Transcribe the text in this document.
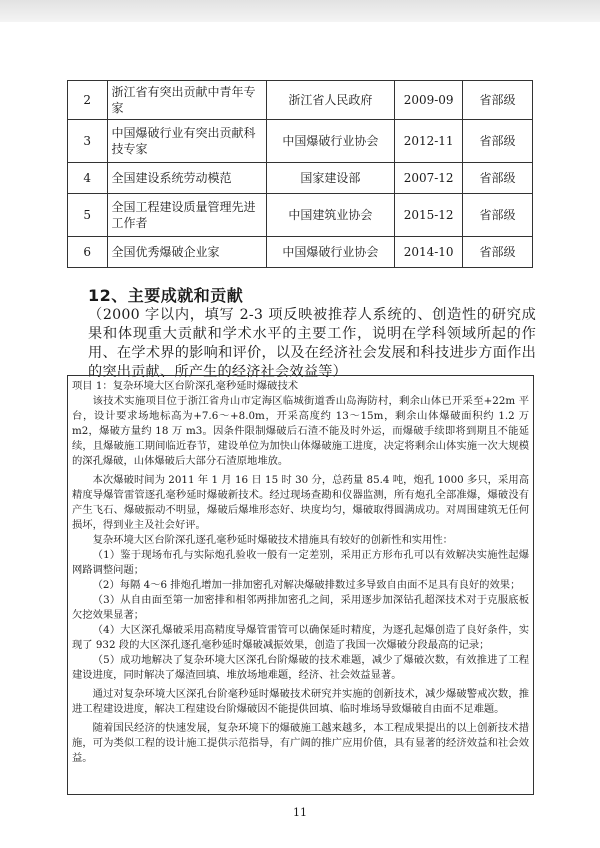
2	浙江省有突出贡献中青年专家	浙江省人民政府	2009-09	省部级
3	中国爆破行业有突出贡献科技专家	中国爆破行业协会	2012-11	省部级
4	全国建设系统劳动模范	国家建设部	2007-12	省部级
5	全国工程建设质量管理先进工作者	中国建筑业协会	2015-12	省部级
6	全国优秀爆破企业家	中国爆破行业协会	2014-10	省部级
12、主要成就和贡献
（2000 字以内，填写 2-3 项反映被推荐人系统的、创造性的研究成果和体现重大贡献和学术水平的主要工作，说明在学科领域所起的作用、在学术界的影响和评价，以及在经济社会发展和科技进步方面作出的突出贡献、所产生的经济社会效益等）

项目 1：复杂环境大区台阶深孔毫秒延时爆破技术

该技术实施项目位于浙江省舟山市定海区临城街道香山岛海防村，剩余山体已开采至+22m 平台，设计要求场地标高为+7.6～+8.0m，开采高度约 13～15m，剩余山体爆破面积约 1.2 万 m2，爆破方量约 18 万 m3。因条件限制爆破后石渣不能及时外运，而爆破手续即将到期且不能延续，且爆破施工期间临近春节，建设单位为加快山体爆破施工进度，决定将剩余山体实施一次大规模的深孔爆破，山体爆破后大部分石渣原地堆放。

本次爆破时间为 2011 年 1 月 16 日 15 时 30 分，总药量 85.4 吨，炮孔 1000 多只，采用高精度导爆管雷管逐孔毫秒延时爆破新技术。经过现场查勘和仪器监测，所有炮孔全部准爆，爆破没有产生飞石、爆破振动不明显，爆破后爆堆形态好、块度均匀，爆破取得圆满成功。对周围建筑无任何损坏，得到业主及社会好评。

复杂环境大区台阶深孔逐孔毫秒延时爆破技术措施具有较好的创新性和实用性：

（1）鉴于现场布孔与实际炮孔验收一般有一定差别，采用正方形布孔可以有效解决实施性起爆网路调整问题；

（2）每隔 4～6 排炮孔增加一排加密孔对解决爆破排数过多导致自由面不足具有良好的效果；

（3）从自由面至第一加密排和相邻两排加密孔之间，采用逐步加深钻孔超深技术对于克服底板欠挖效果显著；

（4）大区深孔爆破采用高精度导爆管雷管可以确保延时精度，为逐孔起爆创造了良好条件，实现了 932 段的大区深孔逐孔毫秒延时爆破减振效果，创造了我国一次爆破分段最高的记录；

（5）成功地解决了复杂环境大区深孔台阶爆破的技术难题，减少了爆破次数，有效推进了工程建设进度，同时解决了爆渣回填、堆放场地难题，经济、社会效益显著。

通过对复杂环境大区深孔台阶毫秒延时爆破技术研究并实施的创新技术，减少爆破警戒次数，推进工程建设进度，解决工程建设台阶爆破因不能提供回填、临时堆场导致爆破自由面不足难题。

随着国民经济的快速发展，复杂环境下的爆破施工越来越多，本工程成果提出的以上创新技术措施，可为类似工程的设计施工提供示范指导，有广阔的推广应用价值，具有显著的经济效益和社会效益。

11
